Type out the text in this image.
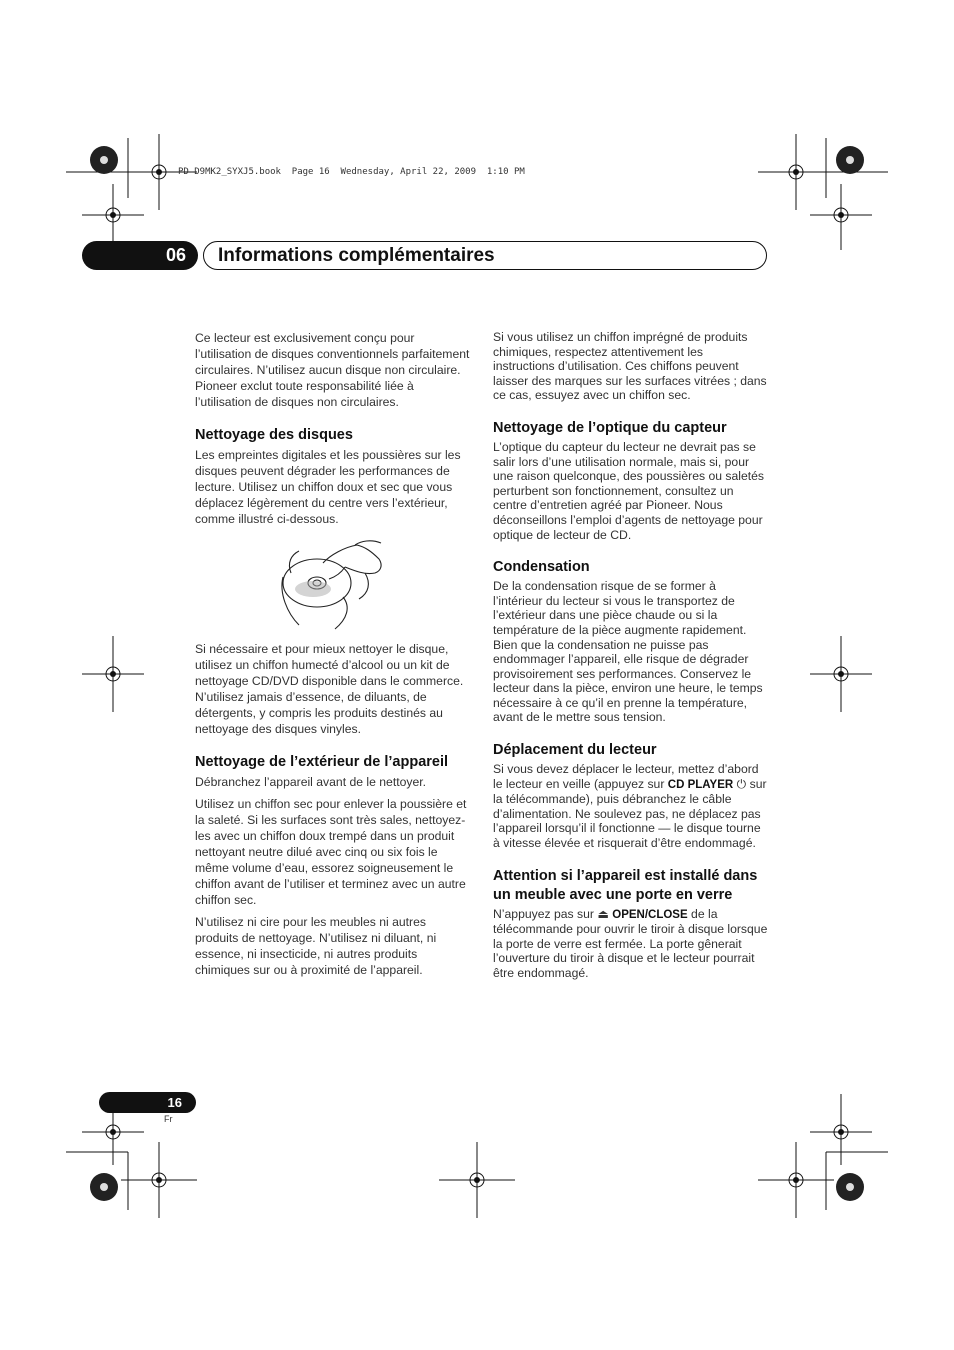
PD-D9MK2_SYXJ5.book  Page 16  Wednesday, April 22, 2009  1:10 PM
06	Informations complémentaires

Ce lecteur est exclusivement conçu pour l’utilisation de disques conventionnels parfaitement circulaires. N’utilisez aucun disque non circulaire. Pioneer exclut toute responsabilité liée à l’utilisation de disques non circulaires.

Nettoyage des disques

Les empreintes digitales et les poussières sur les disques peuvent dégrader les performances de lecture. Utilisez un chiffon doux et sec que vous déplacez légèrement du centre vers l’extérieur, comme illustré ci-dessous.

Si nécessaire et pour mieux nettoyer le disque, utilisez un chiffon humecté d’alcool ou un kit de nettoyage CD/DVD disponible dans le commerce. N’utilisez jamais d’essence, de diluants, de détergents, y compris les produits destinés au nettoyage des disques vinyles.

Nettoyage de l’extérieur de l’appareil

Débranchez l’appareil avant de le nettoyer.

Utilisez un chiffon sec pour enlever la poussière et la saleté. Si les surfaces sont très sales, nettoyez-les avec un chiffon doux trempé dans un produit nettoyant neutre dilué avec cinq ou six fois le même volume d’eau, essorez soigneusement le chiffon avant de l’utiliser et terminez avec un autre chiffon sec.

N’utilisez ni cire pour les meubles ni autres produits de nettoyage. N’utilisez ni diluant, ni essence, ni insecticide, ni autres produits chimiques sur ou à proximité de l’appareil.

Si vous utilisez un chiffon imprégné de produits chimiques, respectez attentivement les instructions d’utilisation. Ces chiffons peuvent laisser des marques sur les surfaces vitrées ; dans ce cas, essuyez avec un chiffon sec.

Nettoyage de l’optique du capteur

L’optique du capteur du lecteur ne devrait pas se salir lors d’une utilisation normale, mais si, pour une raison quelconque, des poussières ou saletés perturbent son fonctionnement, consultez un centre d’entretien agréé par Pioneer. Nous déconseillons l’emploi d’agents de nettoyage pour optique de lecteur de CD.

Condensation

De la condensation risque de se former à l’intérieur du lecteur si vous le transportez de l’extérieur dans une pièce chaude ou si la température de la pièce augmente rapidement. Bien que la condensation ne puisse pas endommager l’appareil, elle risque de dégrader provisoirement ses performances. Conservez le lecteur dans la pièce, environ une heure, le temps nécessaire à ce qu’il en prenne la température, avant de le mettre sous tension.

Déplacement du lecteur

Si vous devez déplacer le lecteur, mettez d’abord le lecteur en veille (appuyez sur CD PLAYER ⏻ sur la télécommande), puis débranchez le câble d’alimentation. Ne soulevez pas, ne déplacez pas l’appareil lorsqu’il il fonctionne — le disque tourne à vitesse élevée et risquerait d’être endommagé.

Attention si l’appareil est installé dans un meuble avec une porte en verre

N’appuyez pas sur ⏏ OPEN/CLOSE de la télécommande pour ouvrir le tiroir à disque lorsque la porte de verre est fermée. La porte gênerait l’ouverture du tiroir à disque et le lecteur pourrait être endommagé.

16
Fr
